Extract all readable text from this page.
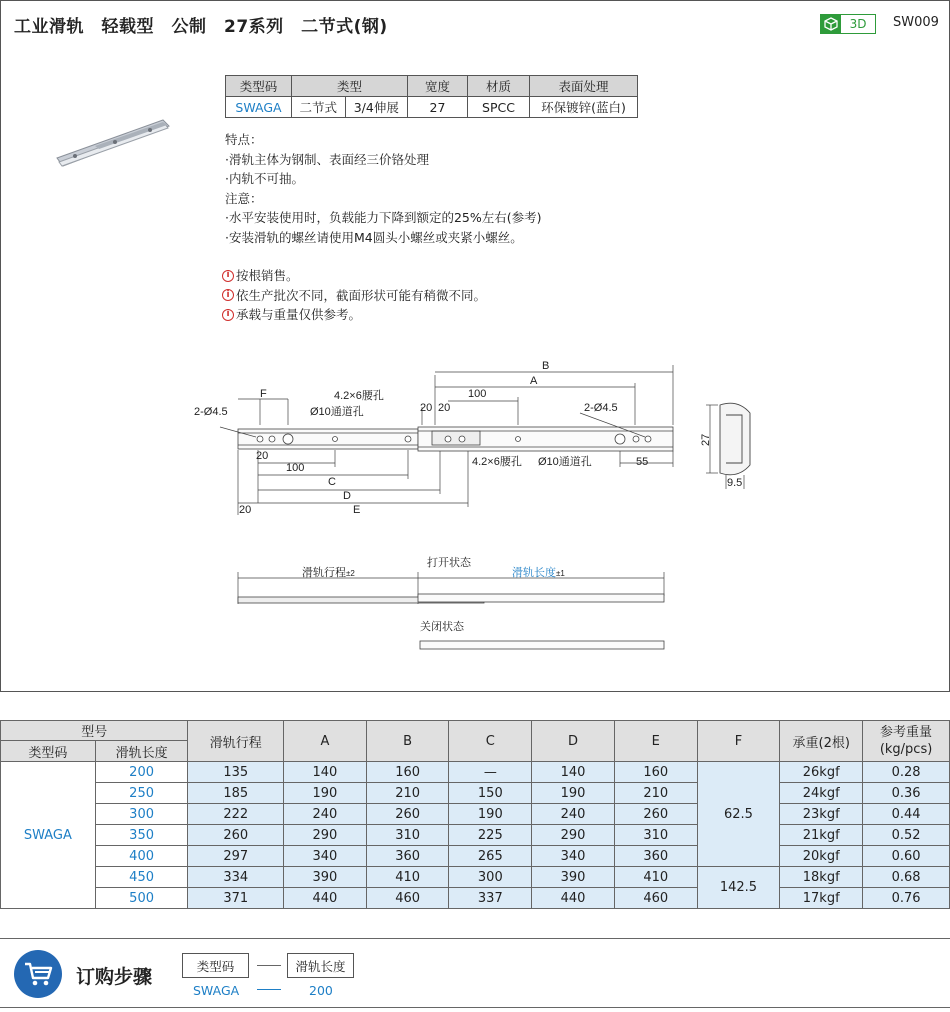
工业滑轨　轻载型　公制　27系列　二节式(钢)	3D	SW009
类型码	类型		宽度	材质	表面处理
SWAGA	二节式	3/4伸展	27	SPCC	环保镀锌(蓝白)
特点：
·滑轨主体为钢制、表面经三价铬处理
·内轨不可抽。
注意：
·水平安装使用时，负载能力下降到额定的25%左右(参考)
·安装滑轨的螺丝请使用M4圆头小螺丝或夹紧小螺丝。
i 按根销售。
i 依生产批次不同，截面形状可能有稍微不同。
i 承载与重量仅供参考。
B
A
100
F
2-Ø4.5
4.2×6腰孔
Ø10通道孔	20 20	2-Ø4.5
20
100	4.2×6腰孔 Ø10通道孔	55
C
D
20	E
27
9.5
滑轨行程±2
打开状态
滑轨长度±1
关闭状态
型号		滑轨行程	A	B	C	D	E	F	承重(2根)	参考重量
(kg/pcs)

类型码	滑轨长度									
SWAGA	200	135	140	160	—	140	160	62.5	26kgf	0.28
	250	185	190	210	150	190	210		24kgf	0.36
	300	222	240	260	190	240	260		23kgf	0.44
	350	260	290	310	225	290	310		21kgf	0.52
	400	297	340	360	265	340	360		20kgf	0.60
	450	334	390	410	300	390	410	142.5	18kgf	0.68
	500	371	440	460	337	440	460		17kgf	0.76
订购步骤	类型码	滑轨长度
SWAGA	200
